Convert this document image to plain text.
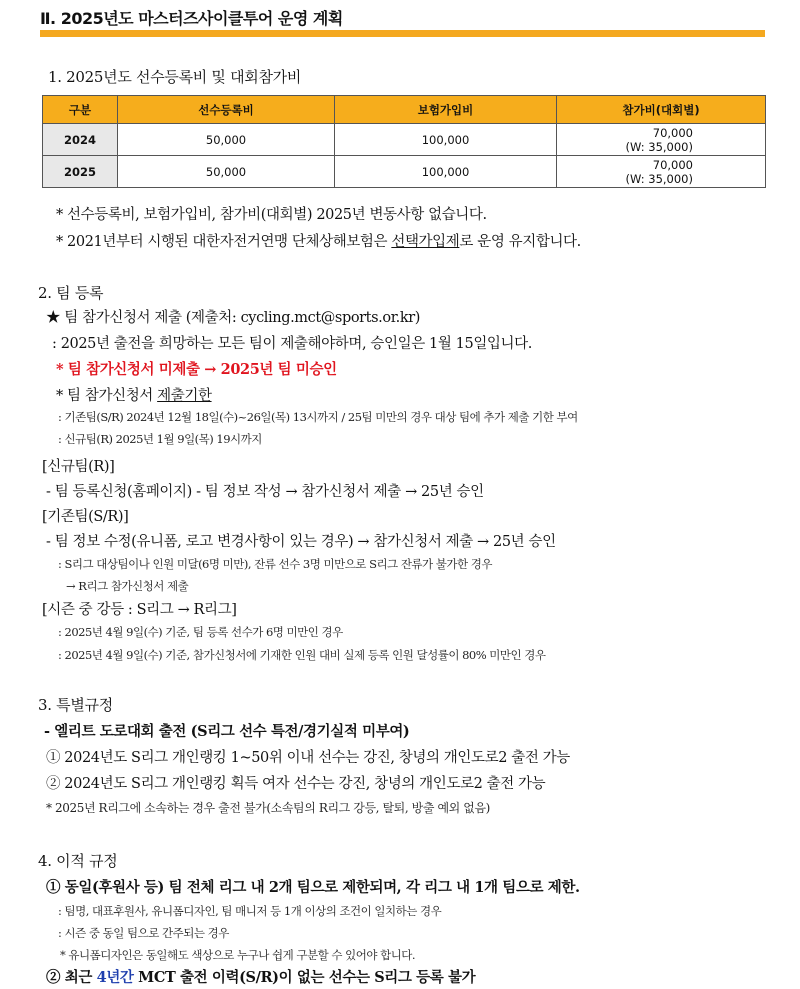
Ⅱ. 2025년도 마스터즈사이클투어 운영 계획
1. 2025년도 선수등록비 및 대회참가비
구분	선수등록비	보험가입비	참가비(대회별)
2024	50,000	100,000	70,000
(W: 35,000)

2025	50,000	100,000	70,000
(W: 35,000)
* 선수등록비, 보험가입비, 참가비(대회별) 2025년 변동사항 없습니다.
* 2021년부터 시행된 대한자전거연맹 단체상해보험은 선택가입제로 운영 유지합니다.
2. 팀 등록
★ 팀 참가신청서 제출 (제출처: cycling.mct@sports.or.kr)
: 2025년 출전을 희망하는 모든 팀이 제출해야하며, 승인일은 1월 15일입니다.
* 팀 참가신청서 미제출 → 2025년 팀 미승인
* 팀 참가신청서 제출기한
: 기존팀(S/R) 2024년 12월 18일(수)~26일(목) 13시까지 / 25팀 미만의 경우 대상 팀에 추가 제출 기한 부여
: 신규팀(R) 2025년 1월 9일(목) 19시까지
[신규팀(R)]
- 팀 등록신청(홈페이지) - 팀 정보 작성 → 참가신청서 제출 → 25년 승인
[기존팀(S/R)]
- 팀 정보 수정(유니폼, 로고 변경사항이 있는 경우) → 참가신청서 제출 → 25년 승인
: S리그 대상팀이나 인원 미달(6명 미만), 잔류 선수 3명 미만으로 S리그 잔류가 불가한 경우
→ R리그 참가신청서 제출
[시즌 중 강등 : S리그 → R리그]
: 2025년 4월 9일(수) 기준, 팀 등록 선수가 6명 미만인 경우
: 2025년 4월 9일(수) 기준, 참가신청서에 기재한 인원 대비 실제 등록 인원 달성률이 80% 미만인 경우
3. 특별규정
- 엘리트 도로대회 출전 (S리그 선수 특전/경기실적 미부여)
① 2024년도 S리그 개인랭킹 1~50위 이내 선수는 강진, 창녕의 개인도로2 출전 가능
② 2024년도 S리그 개인랭킹 획득 여자 선수는 강진, 창녕의 개인도로2 출전 가능
* 2025년 R리그에 소속하는 경우 출전 불가(소속팀의 R리그 강등, 탈퇴, 방출 예외 없음)
4. 이적 규정
① 동일(후원사 등) 팀 전체 리그 내 2개 팀으로 제한되며, 각 리그 내 1개 팀으로 제한.
: 팀명, 대표후원사, 유니폼디자인, 팀 매니저 등 1개 이상의 조건이 일치하는 경우
: 시즌 중 동일 팀으로 간주되는 경우
* 유니폼디자인은 동일해도 색상으로 누구나 쉽게 구분할 수 있어야 합니다.
② 최근 4년간 MCT 출전 이력(S/R)이 없는 선수는 S리그 등록 불가
